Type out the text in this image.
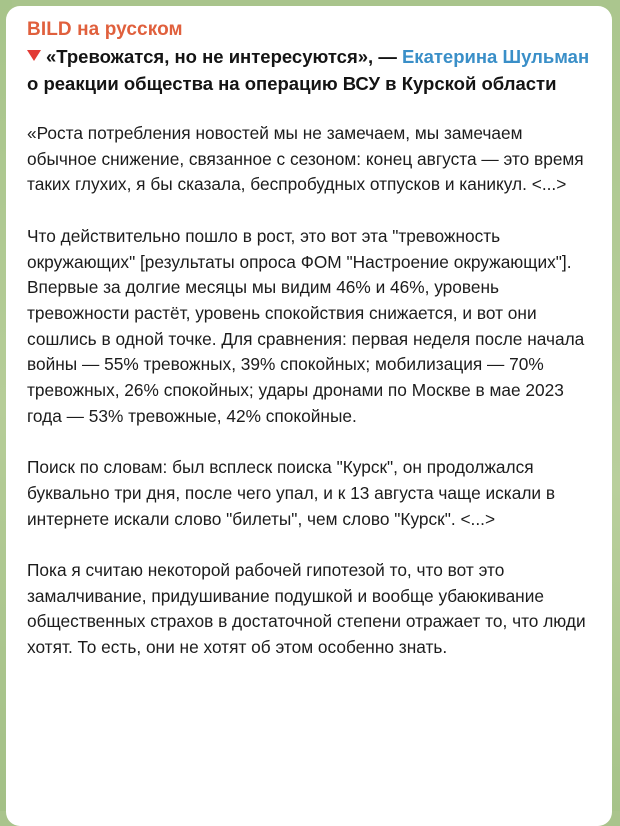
BILD на русском
«Тревожатся, но не интересуются», — Екатерина Шульман о реакции общества на операцию ВСУ в Курской области

«Роста потребления новостей мы не замечаем, мы замечаем обычное снижение, связанное с сезоном: конец августа — это время таких глухих, я бы сказала, беспробудных отпусков и каникул. <...>

Что действительно пошло в рост, это вот эта "тревожность окружающих" [результаты опроса ФОМ "Настроение окружающих"]. Впервые за долгие месяцы мы видим 46% и 46%, уровень тревожности растёт, уровень спокойствия снижается, и вот они сошлись в одной точке. Для сравнения: первая неделя после начала войны — 55% тревожных, 39% спокойных; мобилизация — 70% тревожных, 26% спокойных; удары дронами по Москве в мае 2023 года — 53% тревожные, 42% спокойные.

Поиск по словам: был всплеск поиска "Курск", он продолжался буквально три дня, после чего упал, и к 13 августа чаще искали в интернете искали слово "билеты", чем слово "Курск". <...>

Пока я считаю некоторой рабочей гипотезой то, что вот это замалчивание, придушивание подушкой и вообще убаюкивание общественных страхов в достаточной степени отражает то, что люди хотят. То есть, они не хотят об этом особенно знать.
